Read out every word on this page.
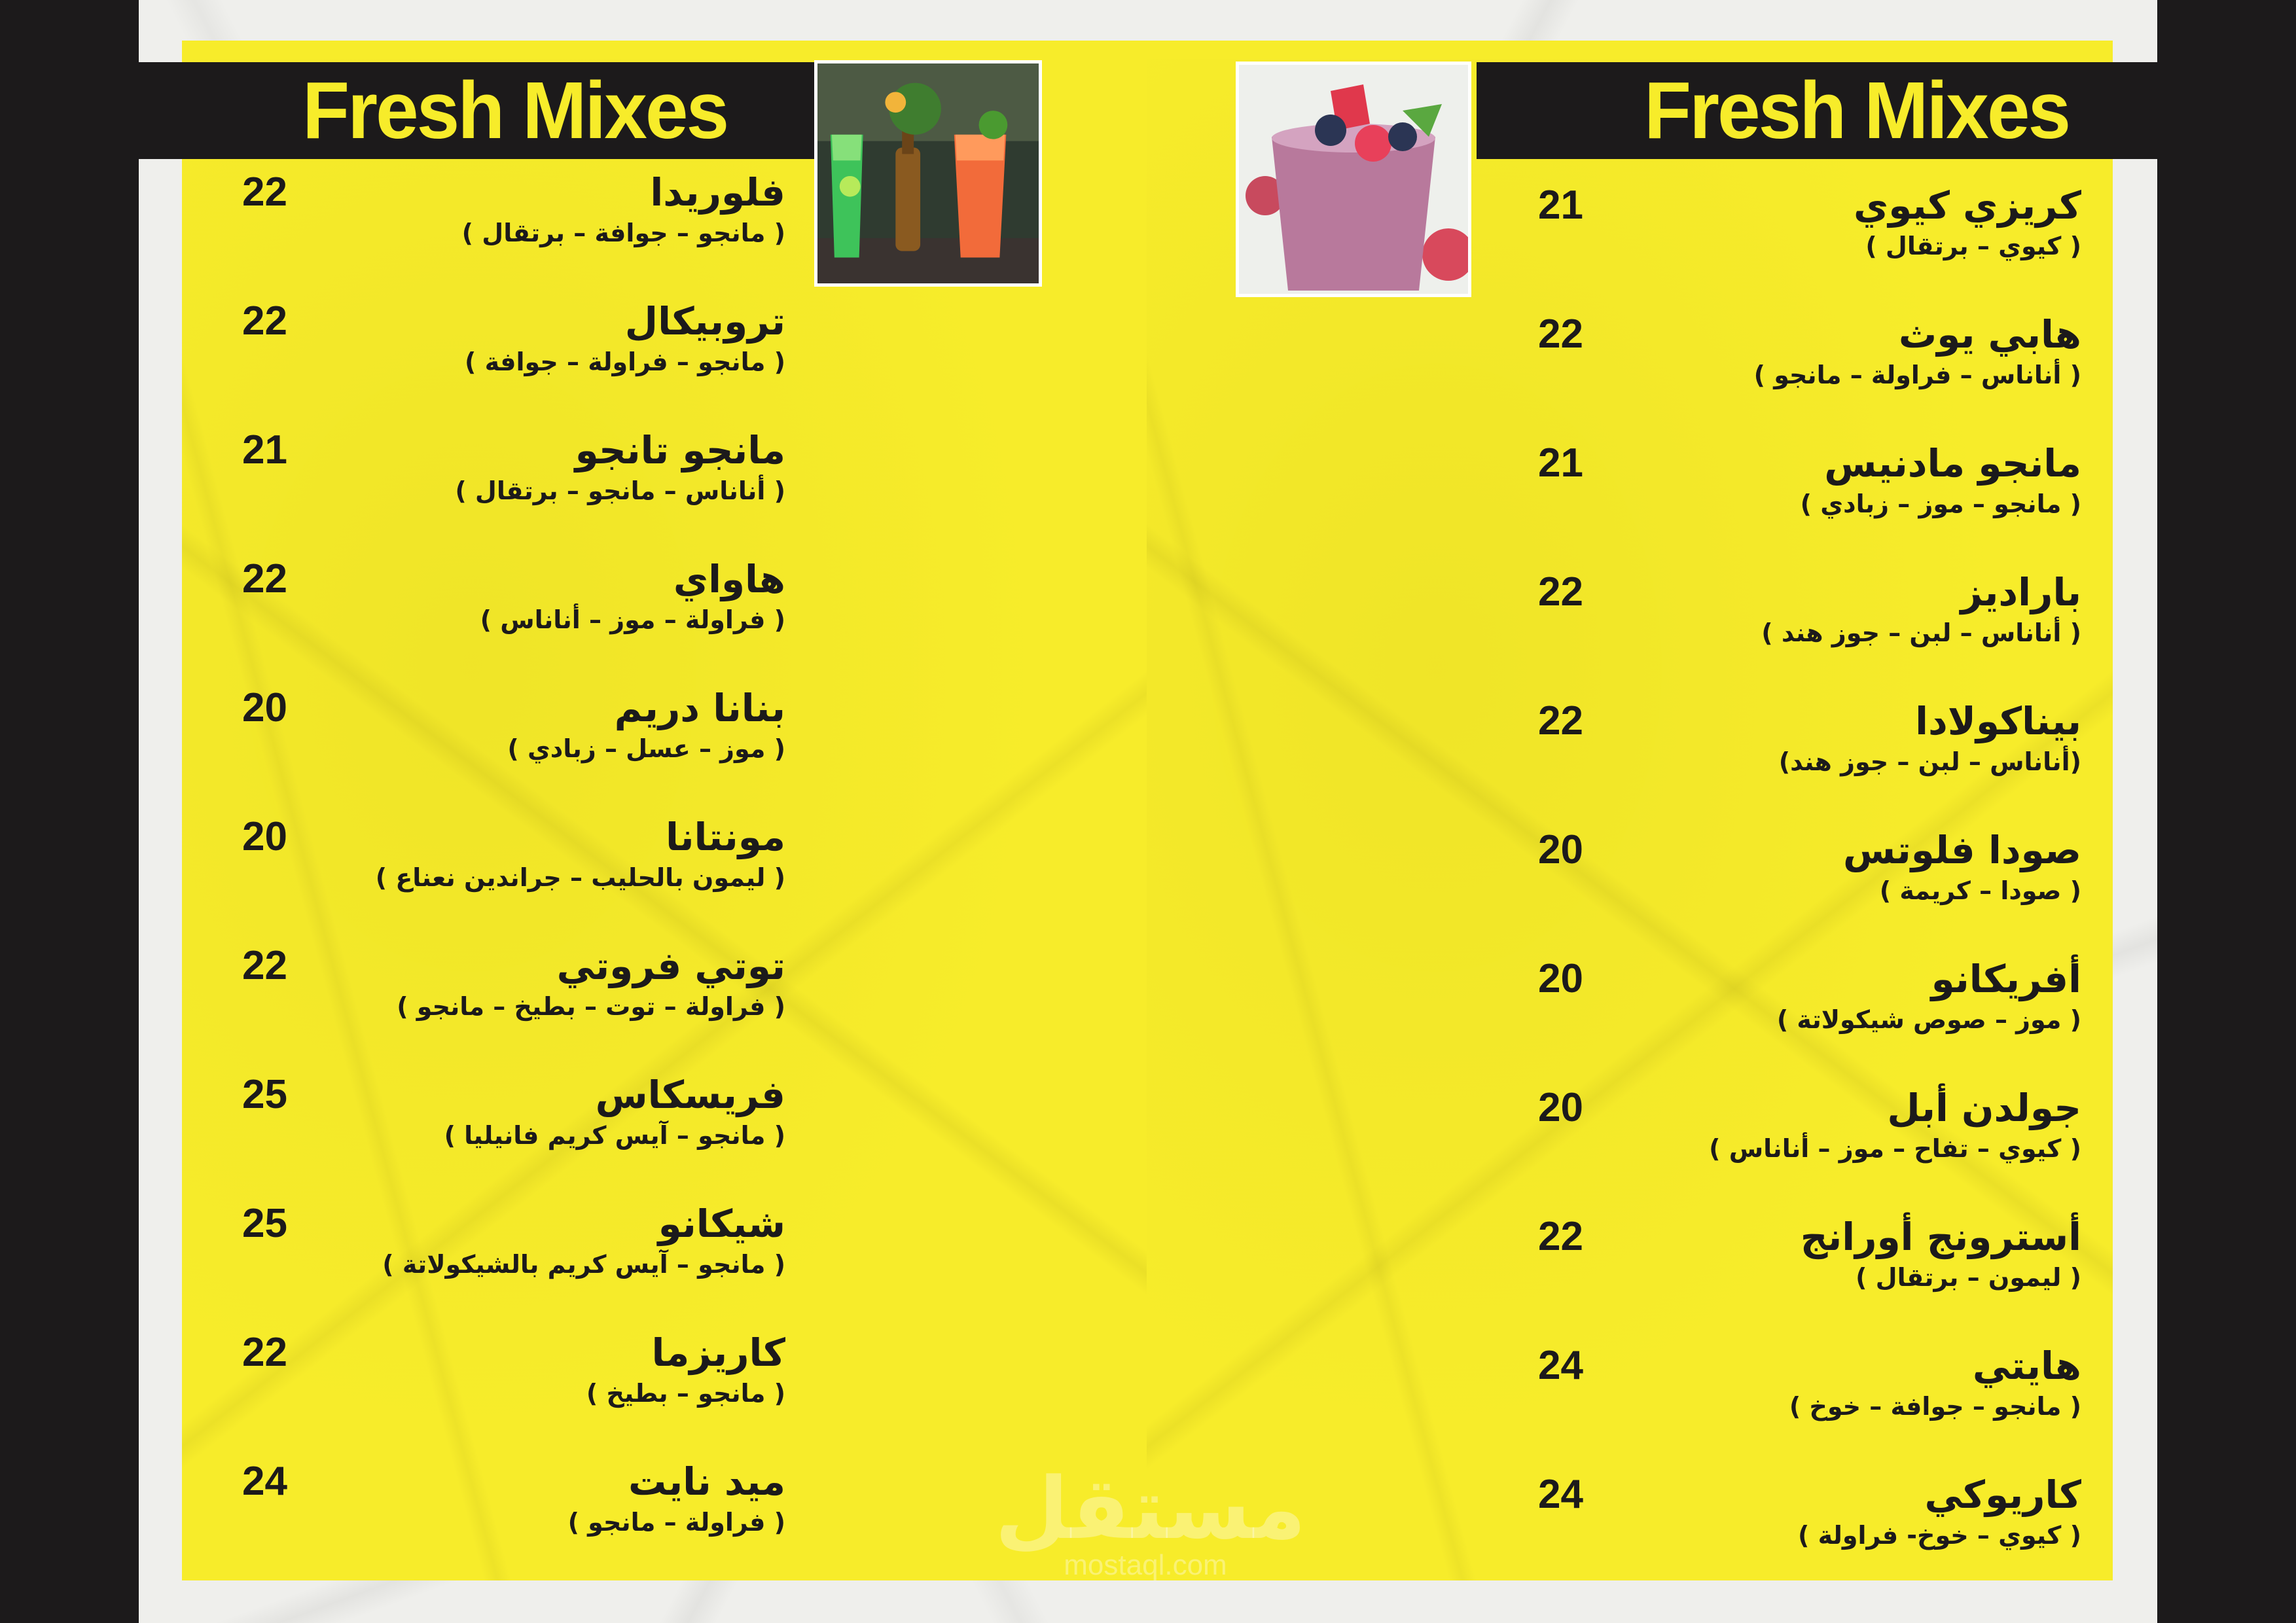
Fresh Mixes	Fresh Mixes
فلوريدا
( مانجو – جوافة – برتقال )
22
تروبيكال
( مانجو – فراولة – جوافة )
22
مانجو تانجو
( أناناس – مانجو – برتقال )
21
هاواي
( فراولة – موز – أناناس )
22
بنانا دريم
( موز – عسل – زبادي )
20
مونتانا
( ليمون بالحليب – جراندين نعناع )
20
توتي فروتي
( فراولة – توت – بطيخ – مانجو )
22
فريسكاس
( مانجو – آيس كريم فانيليا )
25
شيكانو
( مانجو – آيس كريم بالشيكولاتة )
25
كاريزما
( مانجو – بطيخ )
22
ميد نايت
( فراولة – مانجو )
24
كريزي كيوي
( كيوي – برتقال )
21
هابي يوث
( أناناس – فراولة – مانجو )
22
مانجو مادنيس
( مانجو – موز – زبادي )
21
باراديز
( أناناس – لبن – جوز هند )
22
بيناكولادا
(أناناس – لبن – جوز هند)
22
صودا فلوتس
( صودا – كريمة )
20
أفريكانو
( موز – صوص شيكولاتة )
20
جولدن أبل
( كيوي – تفاح – موز – أناناس )
20
أسترونج أورانج
( ليمون – برتقال )
22
هايتي
( مانجو – جوافة – خوخ )
24
كاريوكي
( كيوي – خوخ- فراولة )
24
مستقل
mostaql.com
